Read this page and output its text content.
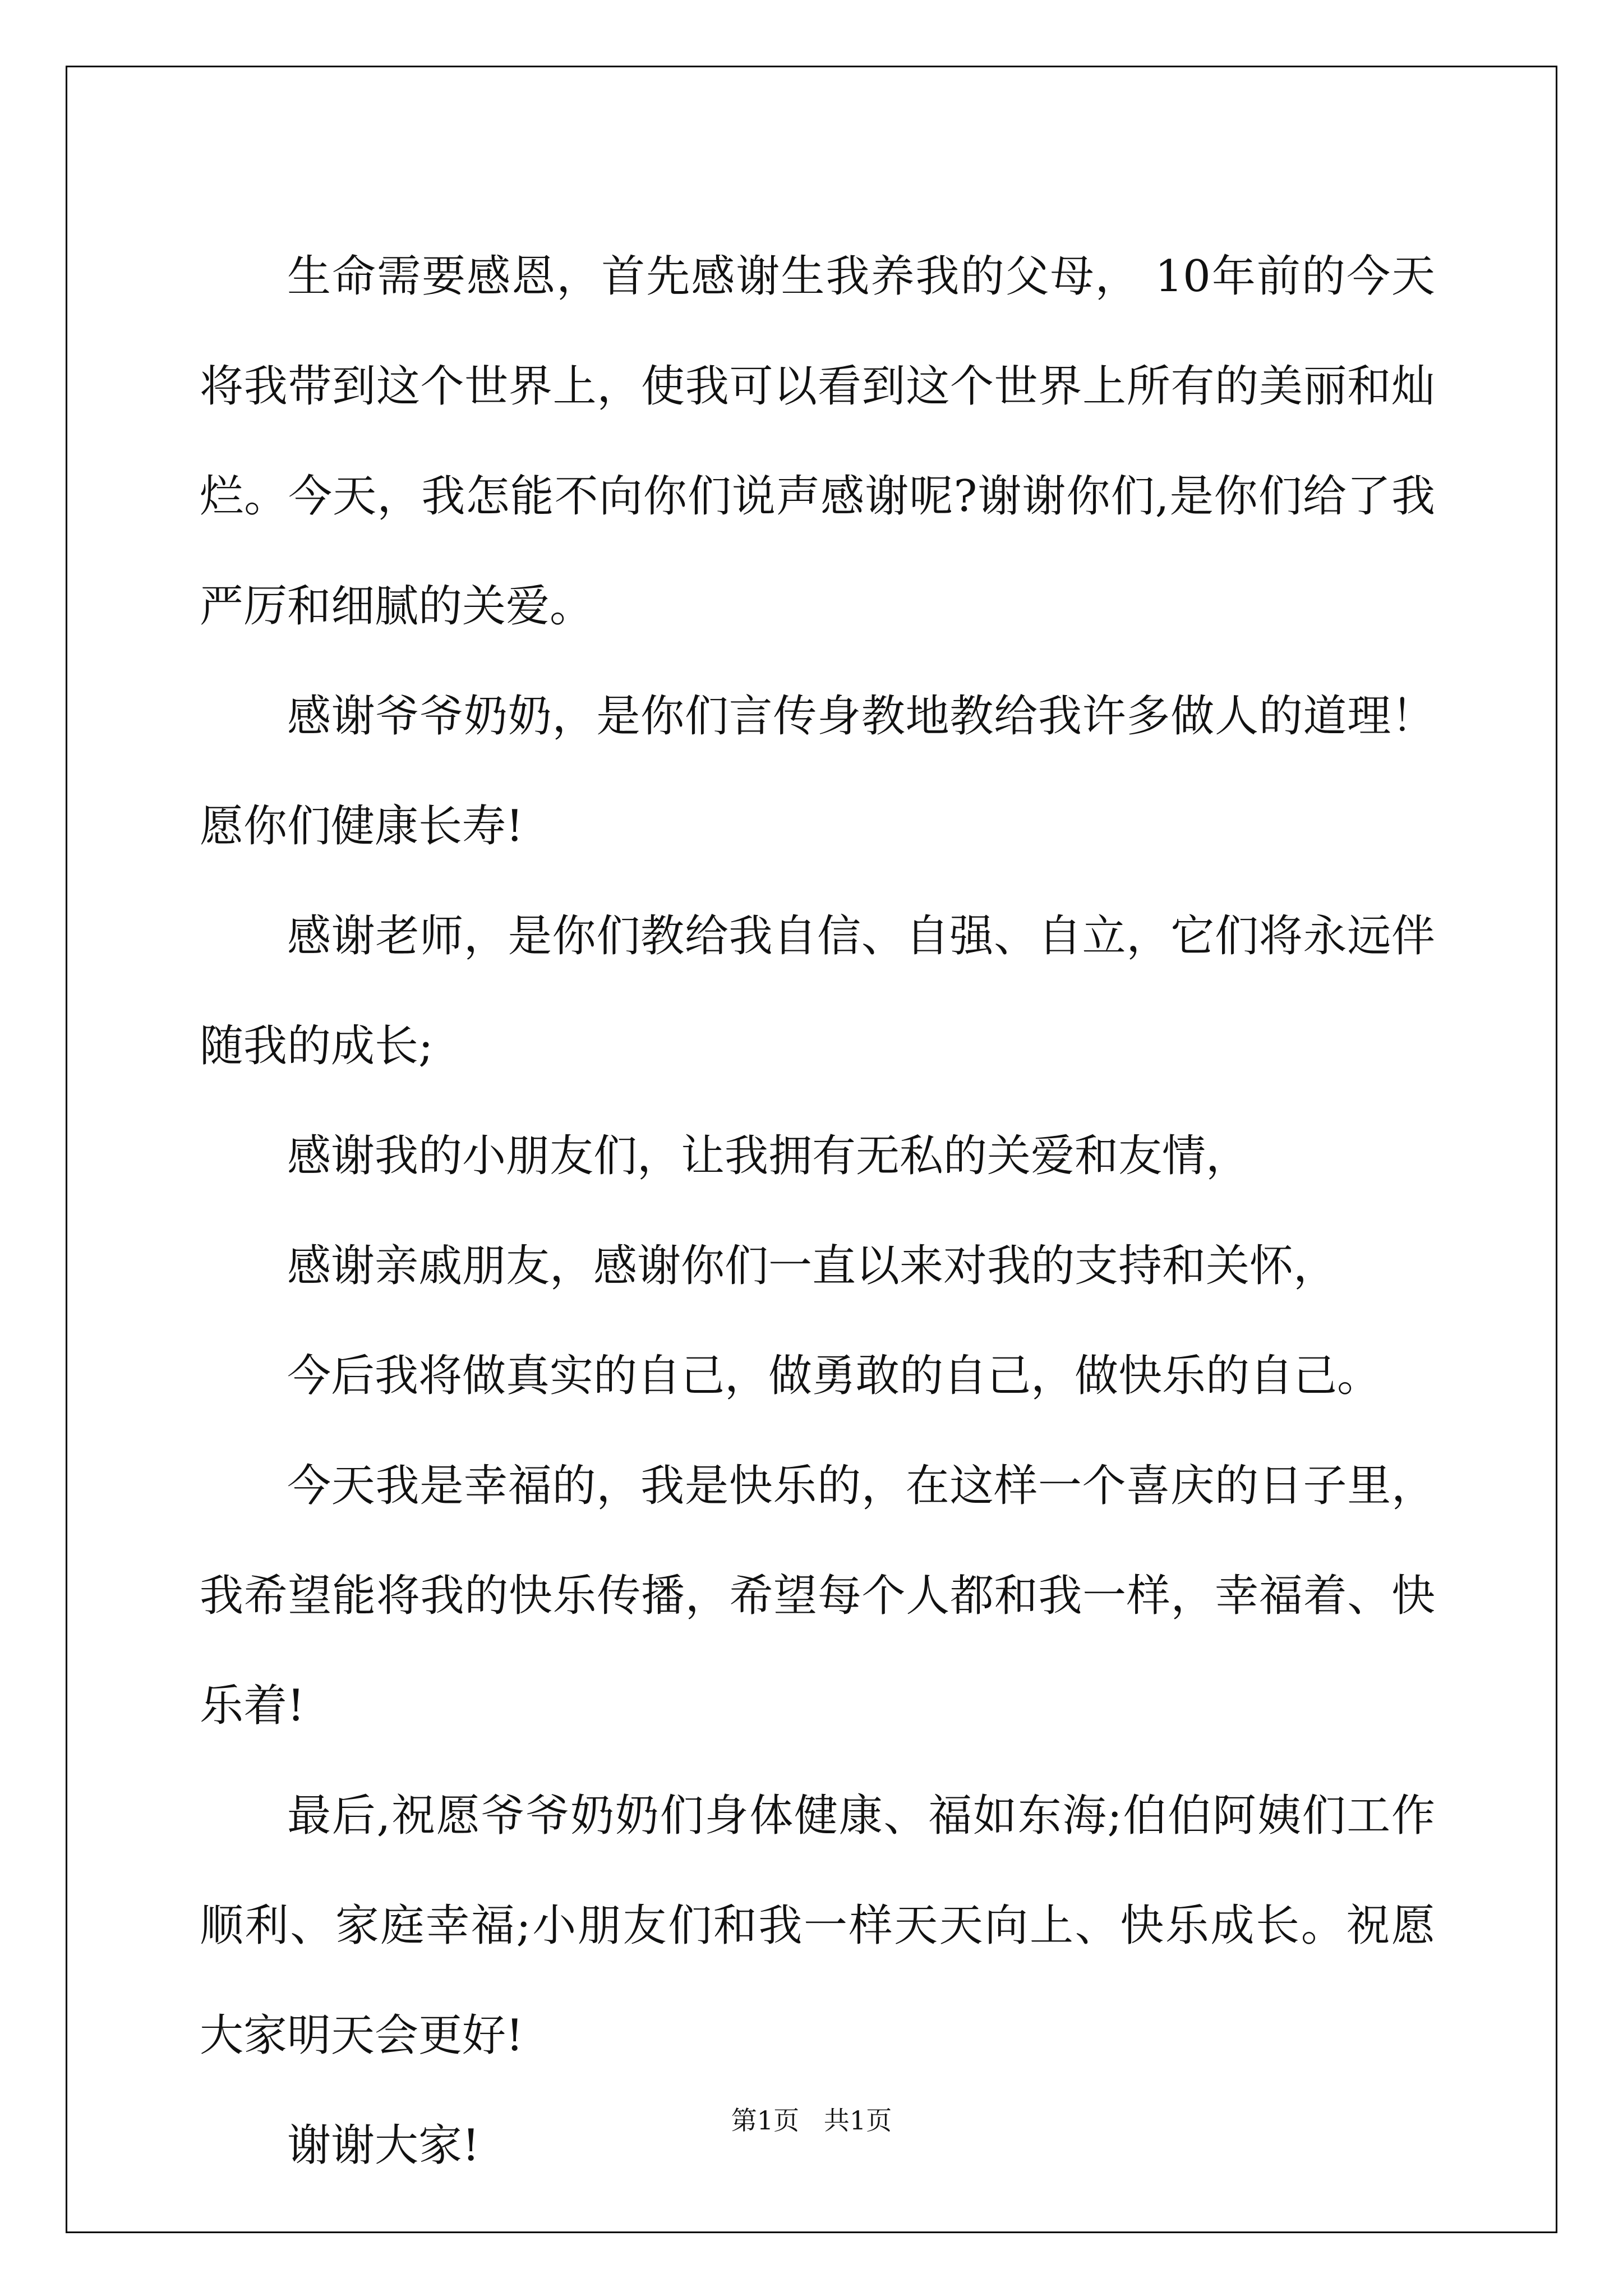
生命需要感恩，首先感谢生我养我的父母， 10年前的今天将我带到这个世界上，使我可以看到这个世界上所有的美丽和灿烂。今天，我怎能不向你们说声感谢呢?谢谢你们,是你们给了我严厉和细腻的关爱。

感谢爷爷奶奶，是你们言传身教地教给我许多做人的道理！愿你们健康长寿!

感谢老师，是你们教给我自信、自强、自立，它们将永远伴随我的成长;

感谢我的小朋友们，让我拥有无私的关爱和友情，

感谢亲戚朋友，感谢你们一直以来对我的支持和关怀，

今后我将做真实的自己，做勇敢的自己，做快乐的自己。

今天我是幸福的，我是快乐的，在这样一个喜庆的日子里，我希望能将我的快乐传播，希望每个人都和我一样，幸福着、快乐着!

最后,祝愿爷爷奶奶们身体健康、福如东海;伯伯阿姨们工作顺利、家庭幸福;小朋友们和我一样天天向上、快乐成长。祝愿大家明天会更好!

谢谢大家!	第1页   共1页
